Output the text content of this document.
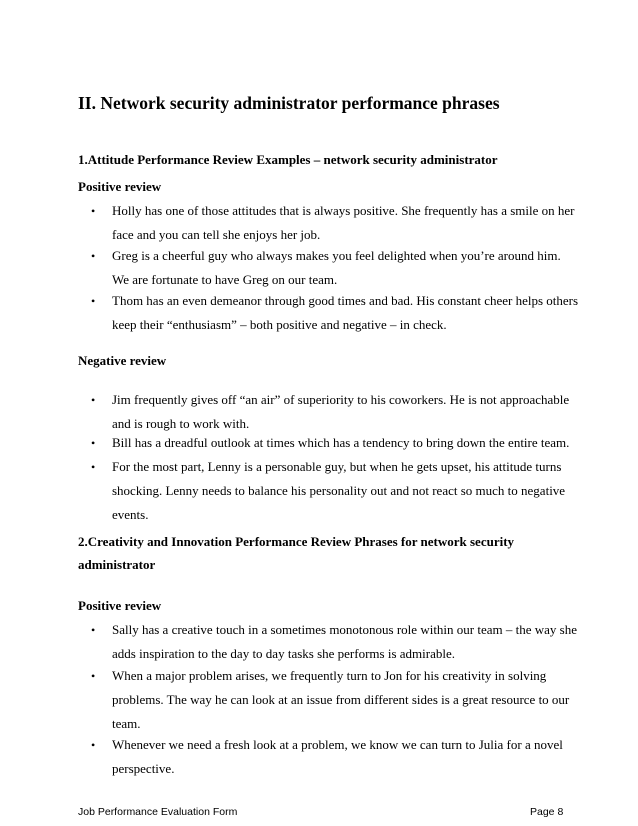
II. Network security administrator performance phrases
1.Attitude Performance Review Examples – network security administrator
Positive review
• Holly has one of those attitudes that is always positive. She frequently has a smile on her
face and you can tell she enjoys her job.
• Greg is a cheerful guy who always makes you feel delighted when you’re around him.
We are fortunate to have Greg on our team.
• Thom has an even demeanor through good times and bad. His constant cheer helps others
keep their “enthusiasm” – both positive and negative – in check.
Negative review
• Jim frequently gives off “an air” of superiority to his coworkers. He is not approachable
and is rough to work with.
• Bill has a dreadful outlook at times which has a tendency to bring down the entire team.
• For the most part, Lenny is a personable guy, but when he gets upset, his attitude turns
shocking. Lenny needs to balance his personality out and not react so much to negative
events.
2.Creativity and Innovation Performance Review Phrases for network security
administrator
Positive review
• Sally has a creative touch in a sometimes monotonous role within our team – the way she
adds inspiration to the day to day tasks she performs is admirable.
• When a major problem arises, we frequently turn to Jon for his creativity in solving
problems. The way he can look at an issue from different sides is a great resource to our
team.
• Whenever we need a fresh look at a problem, we know we can turn to Julia for a novel
perspective.
Job Performance Evaluation Form	Page 8
